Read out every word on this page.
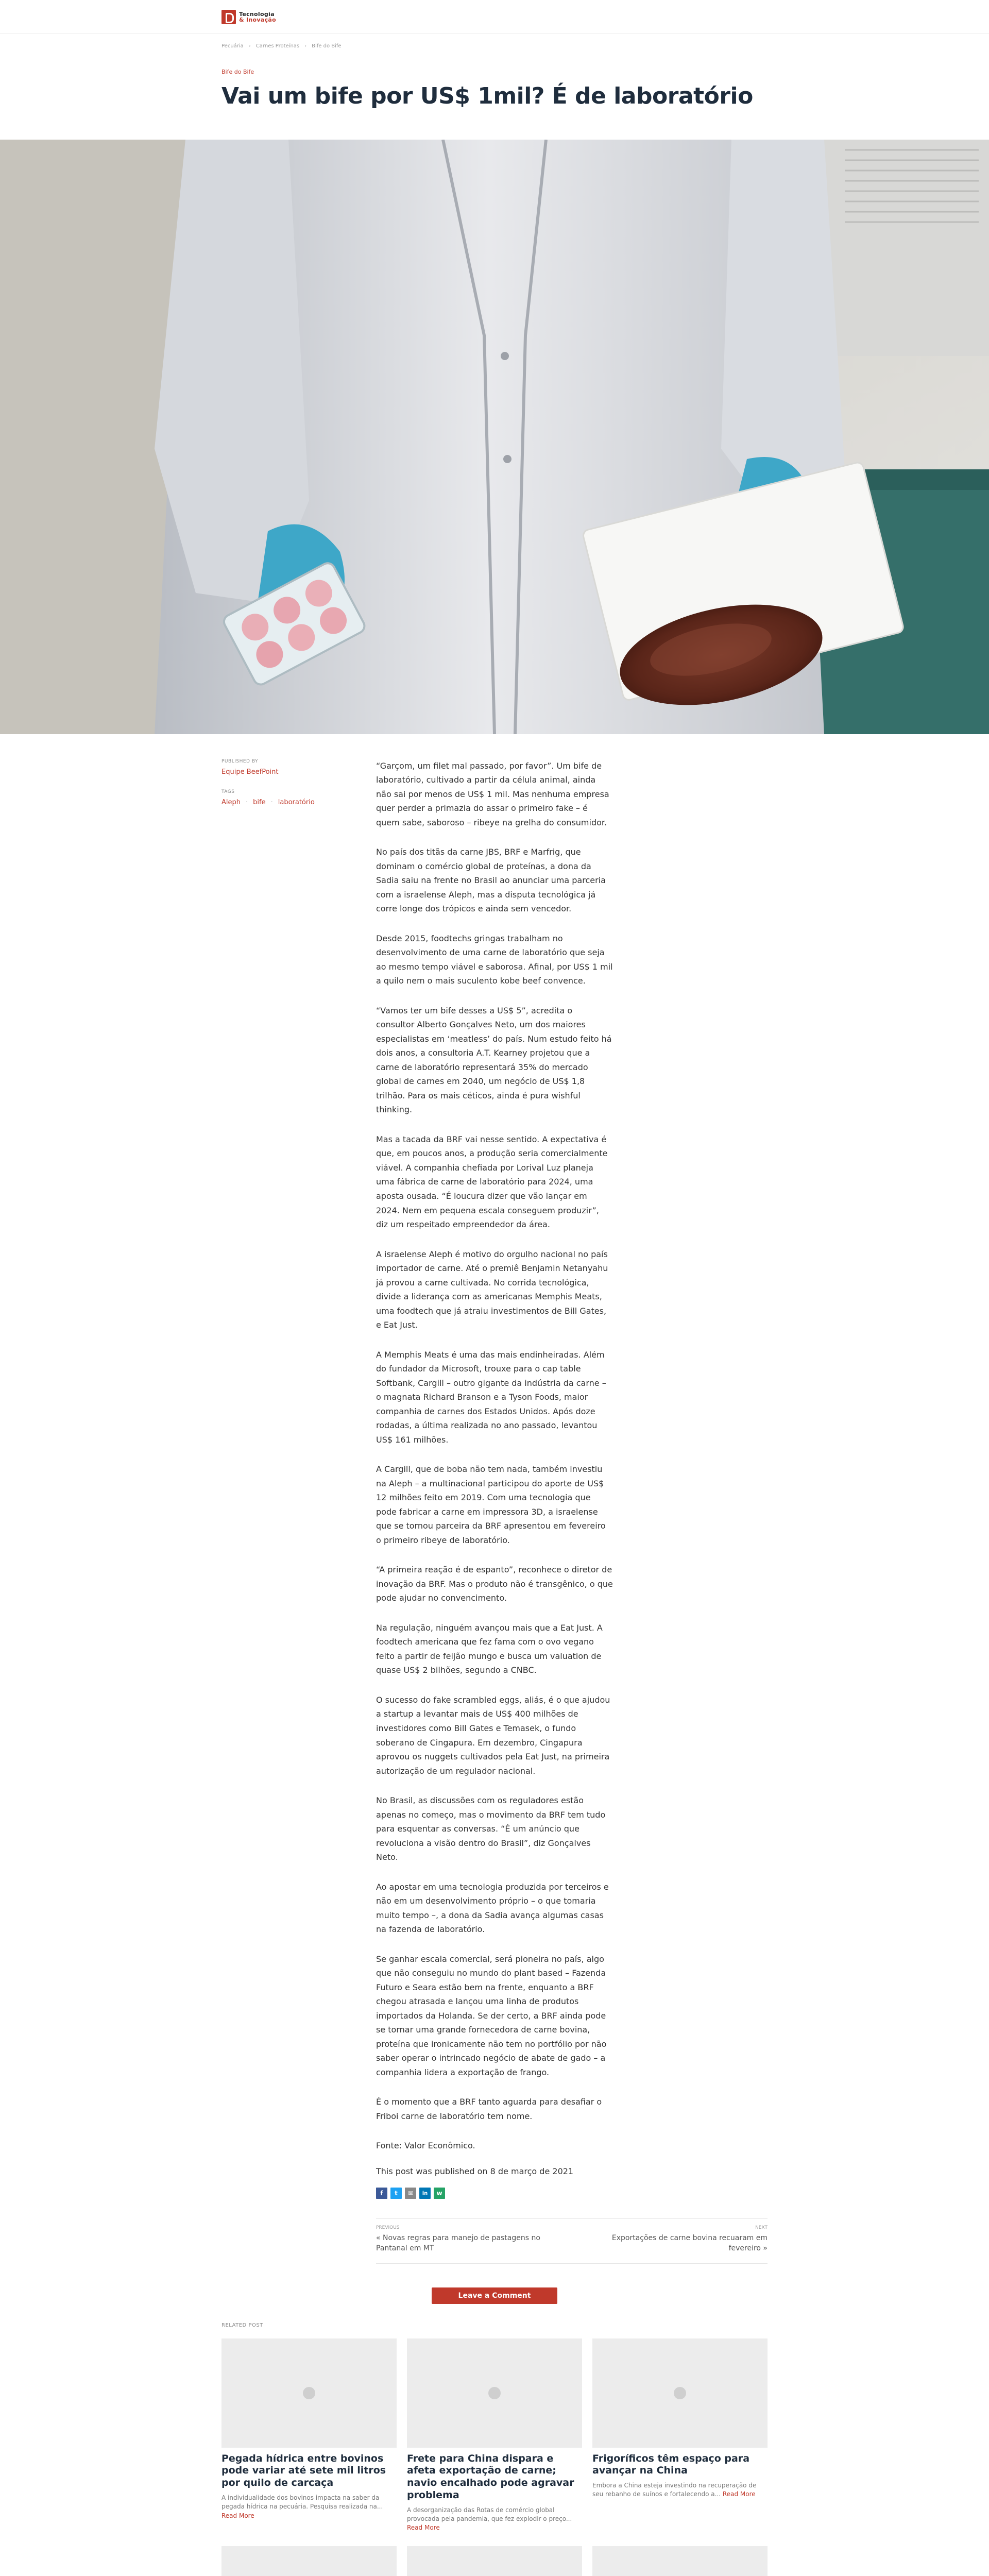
Tecnologia
& Inovação
Pecuária › Carnes Proteínas › Bife do Bife
Bife do Bife
Vai um bife por US$ 1mil? É de laboratório
PUBLISHED BY
Equipe BeefPoint
TAGS
Aleph · bife · laboratório

“Garçom, um filet mal passado, por favor”. Um bife de laboratório, cultivado a partir da célula animal, ainda não sai por menos de US$ 1 mil. Mas nenhuma empresa quer perder a primazia do assar o primeiro fake – é quem sabe, saboroso – ribeye na grelha do consumidor.

No país dos titãs da carne JBS, BRF e Marfrig, que dominam o comércio global de proteínas, a dona da Sadia saiu na frente no Brasil ao anunciar uma parceria com a israelense Aleph, mas a disputa tecnológica já corre longe dos trópicos e ainda sem vencedor.

Desde 2015, foodtechs gringas trabalham no desenvolvimento de uma carne de laboratório que seja ao mesmo tempo viável e saborosa. Afinal, por US$ 1 mil a quilo nem o mais suculento kobe beef convence.

“Vamos ter um bife desses a US$ 5”, acredita o consultor Alberto Gonçalves Neto, um dos maiores especialistas em ‘meatless’ do país. Num estudo feito há dois anos, a consultoria A.T. Kearney projetou que a carne de laboratório representará 35% do mercado global de carnes em 2040, um negócio de US$ 1,8 trilhão. Para os mais céticos, ainda é pura wishful thinking.

Mas a tacada da BRF vai nesse sentido. A expectativa é que, em poucos anos, a produção seria comercialmente viável. A companhia chefiada por Lorival Luz planeja uma fábrica de carne de laboratório para 2024, uma aposta ousada. “É loucura dizer que vão lançar em 2024. Nem em pequena escala conseguem produzir”, diz um respeitado empreendedor da área.

A israelense Aleph é motivo do orgulho nacional no país importador de carne. Até o premiê Benjamin Netanyahu já provou a carne cultivada. No corrida tecnológica, divide a liderança com as americanas Memphis Meats, uma foodtech que já atraiu investimentos de Bill Gates, e Eat Just.

A Memphis Meats é uma das mais endinheiradas. Além do fundador da Microsoft, trouxe para o cap table Softbank, Cargill – outro gigante da indústria da carne – o magnata Richard Branson e a Tyson Foods, maior companhia de carnes dos Estados Unidos. Após doze rodadas, a última realizada no ano passado, levantou US$ 161 milhões.

A Cargill, que de boba não tem nada, também investiu na Aleph – a multinacional participou do aporte de US$ 12 milhões feito em 2019. Com uma tecnologia que pode fabricar a carne em impressora 3D, a israelense que se tornou parceira da BRF apresentou em fevereiro o primeiro ribeye de laboratório.

“A primeira reação é de espanto”, reconhece o diretor de inovação da BRF. Mas o produto não é transgênico, o que pode ajudar no convencimento.

Na regulação, ninguém avançou mais que a Eat Just. A foodtech americana que fez fama com o ovo vegano feito a partir de feijão mungo e busca um valuation de quase US$ 2 bilhões, segundo a CNBC.

O sucesso do fake scrambled eggs, aliás, é o que ajudou a startup a levantar mais de US$ 400 milhões de investidores como Bill Gates e Temasek, o fundo soberano de Cingapura. Em dezembro, Cingapura aprovou os nuggets cultivados pela Eat Just, na primeira autorização de um regulador nacional.

No Brasil, as discussões com os reguladores estão apenas no começo, mas o movimento da BRF tem tudo para esquentar as conversas. “É um anúncio que revoluciona a visão dentro do Brasil”, diz Gonçalves Neto.

Ao apostar em uma tecnologia produzida por terceiros e não em um desenvolvimento próprio – o que tomaria muito tempo –, a dona da Sadia avança algumas casas na fazenda de laboratório.

Se ganhar escala comercial, será pioneira no país, algo que não conseguiu no mundo do plant based – Fazenda Futuro e Seara estão bem na frente, enquanto a BRF chegou atrasada e lançou uma linha de produtos importados da Holanda. Se der certo, a BRF ainda pode se tornar uma grande fornecedora de carne bovina, proteína que ironicamente não tem no portfólio por não saber operar o intrincado negócio de abate de gado – a companhia lidera a exportação de frango.

É o momento que a BRF tanto aguarda para desafiar o Friboi carne de laboratório tem nome.

Fonte: Valor Econômico.

This post was published on 8 de março de 2021

f	t	✉	in	w
PREVIOUS
« Novas regras para manejo de pastagens no Pantanal em MT
NEXT
Exportações de carne bovina recuaram em fevereiro »
Leave a Comment
RELATED POST
Pegada hídrica entre bovinos pode variar até sete mil litros por quilo de carcaça
A individualidade dos bovinos impacta na saber da pegada hídrica na pecuária. Pesquisa realizada na... Read More
Frete para China dispara e afeta exportação de carne; navio encalhado pode agravar problema
A desorganização das Rotas de comércio global provocada pela pandemia, que fez explodir o preço... Read More
Frigoríficos têm espaço para avançar na China
Embora a China esteja investindo na recuperação de seu rebanho de suínos e fortalecendo a... Read More
